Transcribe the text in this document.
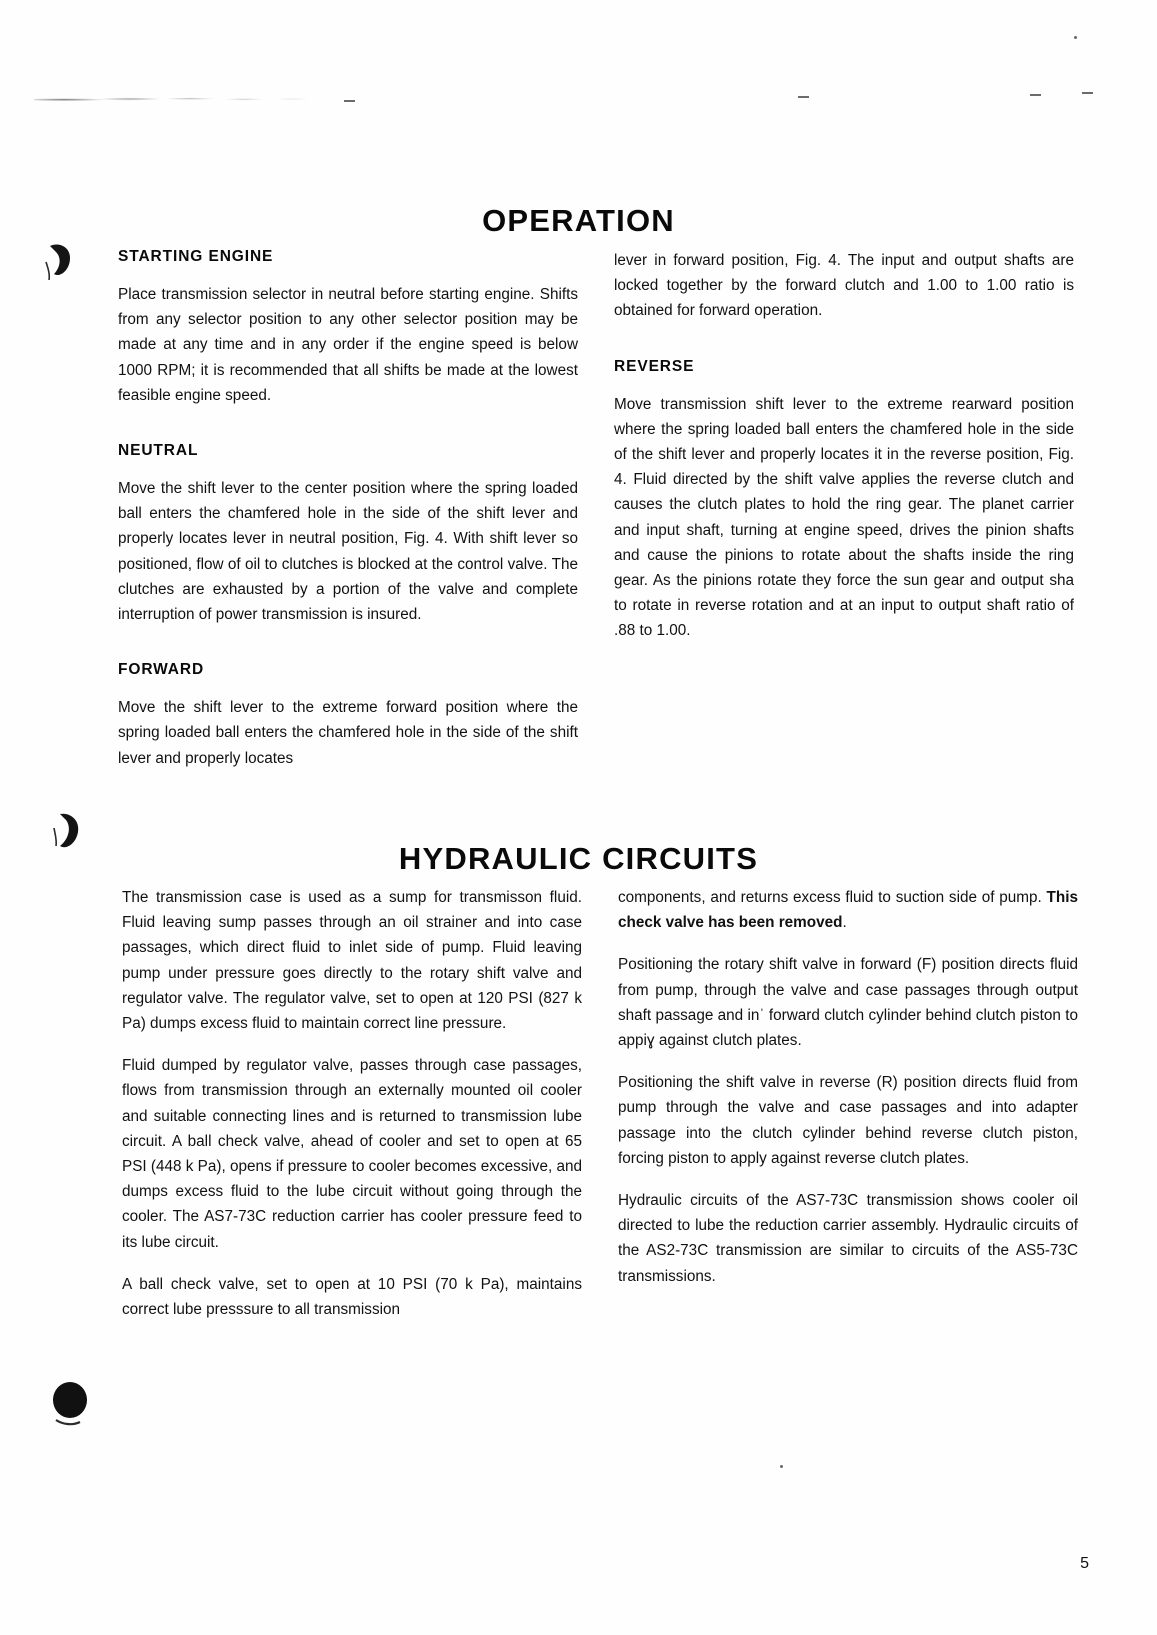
OPERATION
STARTING ENGINE

Place transmission selector in neutral before starting engine. Shifts from any selector position to any other selector position may be made at any time and in any order if the engine speed is below 1000 RPM; it is recommended that all shifts be made at the lowest feasible engine speed.

NEUTRAL

Move the shift lever to the center position where the spring loaded ball enters the chamfered hole in the side of the shift lever and properly locates lever in neutral position, Fig. 4. With shift lever so positioned, flow of oil to clutches is blocked at the control valve. The clutches are exhausted by a portion of the valve and complete interruption of power transmission is insured.

FORWARD

Move the shift lever to the extreme forward position where the spring loaded ball enters the chamfered hole in the side of the shift lever and properly locates

lever in forward position, Fig. 4. The input and output shafts are locked together by the forward clutch and 1.00 to 1.00 ratio is obtained for forward operation.

REVERSE

Move transmission shift lever to the extreme rearward position where the spring loaded ball enters the chamfered hole in the side of the shift lever and properly locates it in the reverse position, Fig. 4. Fluid directed by the shift valve applies the reverse clutch and causes the clutch plates to hold the ring gear. The planet carrier and input shaft, turning at engine speed, drives the pinion shafts and cause the pinions to rotate about the shafts inside the ring gear. As the pinions rotate they force the sun gear and output sha to rotate in reverse rotation and at an input to output shaft ratio of .88 to 1.00.

HYDRAULIC CIRCUITS

The transmission case is used as a sump for transmisson fluid. Fluid leaving sump passes through an oil strainer and into case passages, which direct fluid to inlet side of pump. Fluid leaving pump under pressure goes directly to the rotary shift valve and regulator valve. The regulator valve, set to open at 120 PSI (827 k Pa) dumps excess fluid to maintain correct line pressure.

Fluid dumped by regulator valve, passes through case passages, flows from transmission through an externally mounted oil cooler and suitable connecting lines and is returned to transmission lube circuit. A ball check valve, ahead of cooler and set to open at 65 PSI (448 k Pa), opens if pressure to cooler becomes excessive, and dumps excess fluid to the lube circuit without going through the cooler. The AS7-73C reduction carrier has cooler pressure feed to its lube circuit.

A ball check valve, set to open at 10 PSI (70 k Pa), maintains correct lube presssure to all transmission

components, and returns excess fluid to suction side of pump. This check valve has been removed.

Positioning the rotary shift valve in forward (F) position directs fluid from pump, through the valve and case passages through output shaft passage and inˈ forward clutch cylinder behind clutch piston to appiɣ against clutch plates.

Positioning the shift valve in reverse (R) position directs fluid from pump through the valve and case passages and into adapter passage into the clutch cylinder behind reverse clutch piston, forcing piston to apply against reverse clutch plates.

Hydraulic circuits of the AS7-73C transmission shows cooler oil directed to lube the reduction carrier assembly. Hydraulic circuits of the AS2-73C transmission are similar to circuits of the AS5-73C transmissions.

5
